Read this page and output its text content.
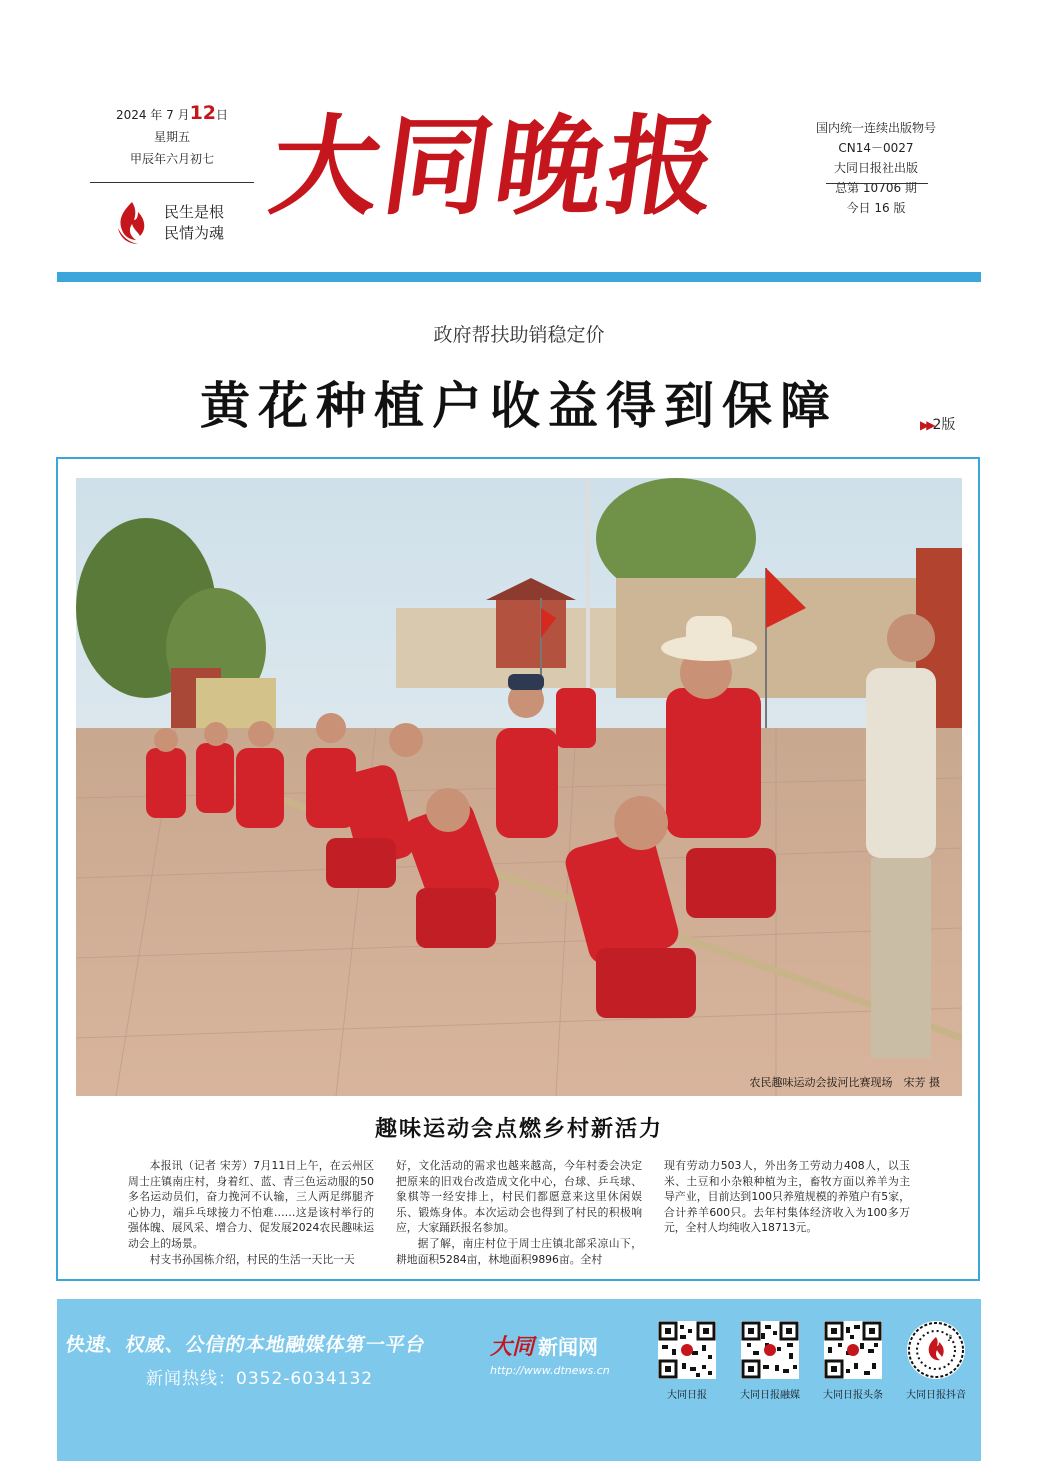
2024 年 7 月12日
星期五
甲辰年六月初七
民生是根
民情为魂
大同晚报	国内统一连续出版物号
CN14－0027
大同日报社出版
总第 10706 期
今日 16 版
政府帮扶助销稳定价
黄花种植户收益得到保障	▶▶2版
农民趣味运动会拔河比赛现场　宋芳 摄
趣味运动会点燃乡村新活力

本报讯（记者 宋芳）7月11日上午，在云州区周士庄镇南庄村，身着红、蓝、青三色运动服的50多名运动员们，奋力挽河不认输，三人两足绑腿齐心协力，端乒乓球接力不怕难……这是该村举行的强体魄、展风采、增合力、促发展2024农民趣味运动会上的场景。

村支书孙国栋介绍，村民的生活一天比一天

好，文化活动的需求也越来越高，今年村委会决定把原来的旧戏台改造成文化中心，台球、乒乓球、象棋等一经安排上，村民们都愿意来这里休闲娱乐、锻炼身体。本次运动会也得到了村民的积极响应，大家踊跃报名参加。

据了解，南庄村位于周士庄镇北部采凉山下，耕地面积5284亩，林地面积9896亩。全村

现有劳动力503人，外出务工劳动力408人，以玉米、土豆和小杂粮种植为主，畜牧方面以养羊为主导产业，目前达到100只养殖规模的养殖户有5家，合计养羊600只。去年村集体经济收入为100多万元，全村人均纯收入18713元。

快速、权威、公信的本地融媒体第一平台
新闻热线：0352-6034132
大同 新闻网
http://www.dtnews.cn
♪
大同日报	大同日报融媒	大同日报头条	大同日报抖音
